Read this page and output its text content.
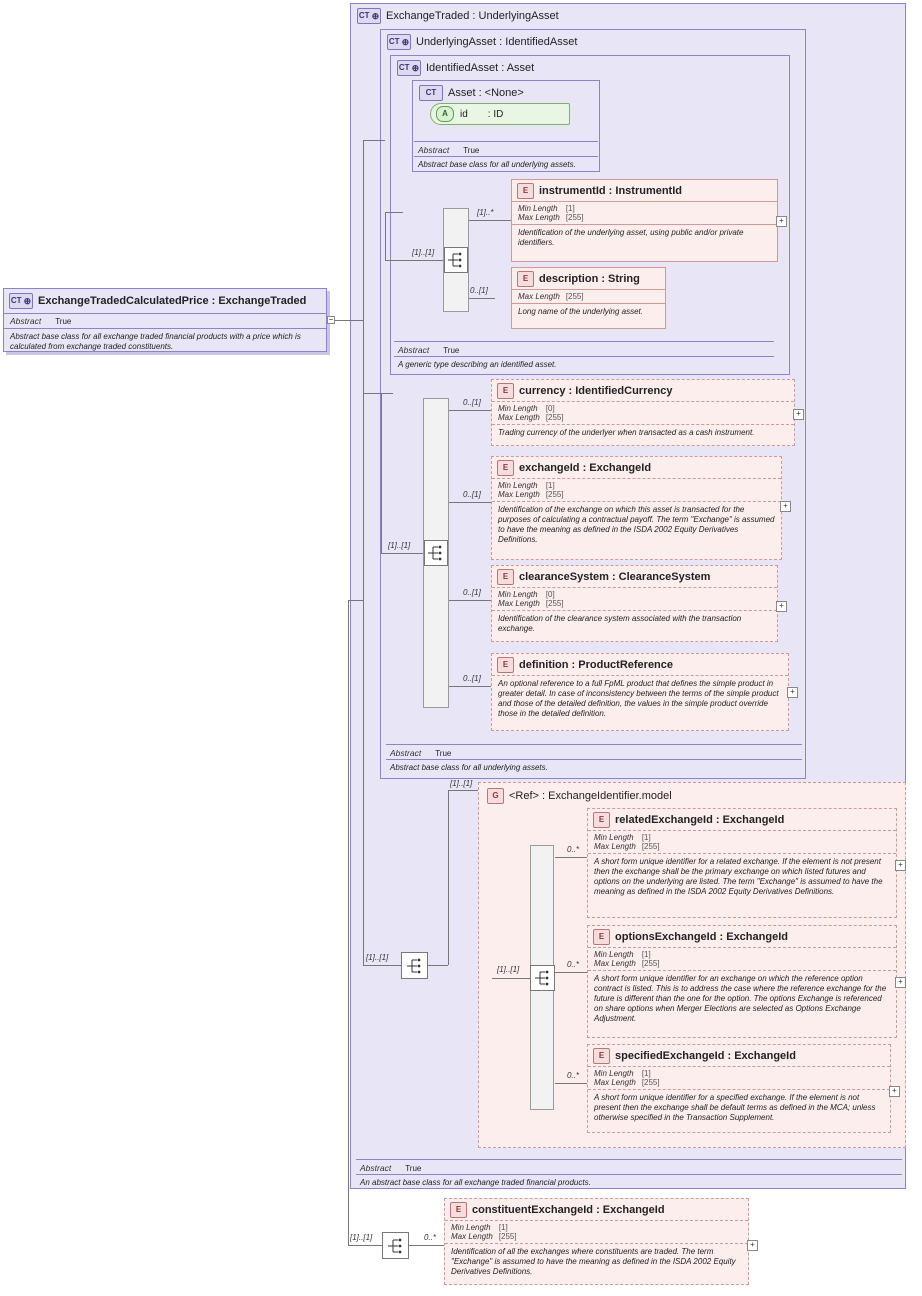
CT ⊕	ExchangeTraded : UnderlyingAsset
Abstract True
An abstract base class for all exchange traded financial products.
CT ⊕	UnderlyingAsset : IdentifiedAsset
Abstract True
Abstract base class for all underlying assets.
CT ⊕	IdentifiedAsset : Asset
Abstract True
A generic type describing an identified asset.
CT	Asset : <None>
A	id : ID
Abstract True
Abstract base class for all underlying assets.
CT ⊕	ExchangeTradedCalculatedPrice : ExchangeTraded
Abstract True
Abstract base class for all exchange traded financial products with a price which is calculated from exchange traded constituents.
–
[1]..[1]
[1]..*
0..[1]
E instrumentId : InstrumentId
Min Length	[1]
Max Length	[255]
Identification of the underlying asset, using public and/or private identifiers.
+
E description : String
Max Length	[255]
Long name of the underlying asset.
[1]..[1]
0..[1]
0..[1]
0..[1]
0..[1]
E currency : IdentifiedCurrency
Min Length	[0]
Max Length	[255]
Trading currency of the underlyer when transacted as a cash instrument.
+
E exchangeId : ExchangeId
Min Length	[1]
Max Length	[255]
Identification of the exchange on which this asset is transacted for the purposes of calculating a contractual payoff. The term "Exchange" is assumed to have the meaning as defined in the ISDA 2002 Equity Derivatives Definitions.
+
E clearanceSystem : ClearanceSystem
Min Length	[0]
Max Length	[255]
Identification of the clearance system associated with the transaction exchange.
+
E definition : ProductReference
An optional reference to a full FpML product that defines the simple product in greater detail. In case of inconsistency between the terms of the simple product and those of the detailed definition, the values in the simple product override those in the detailed definition.
+
[1]..[1]
[1]..[1]
G <Ref> : ExchangeIdentifier.model
[1]..[1]
0..*
0..*
0..*
E relatedExchangeId : ExchangeId
Min Length	[1]
Max Length	[255]
A short form unique identifier for a related exchange. If the element is not present then the exchange shall be the primary exchange on which listed futures and options on the underlying are listed. The term "Exchange" is assumed to have the meaning as defined in the ISDA 2002 Equity Derivatives Definitions.
+
E optionsExchangeId : ExchangeId
Min Length	[1]
Max Length	[255]
A short form unique identifier for an exchange on which the reference option contract is listed. This is to address the case where the reference exchange for the future is different than the one for the option. The options Exchange is referenced on share options when Merger Elections are selected as Options Exchange Adjustment.
+
E specifiedExchangeId : ExchangeId
Min Length	[1]
Max Length	[255]
A short form unique identifier for a specified exchange. If the element is not present then the exchange shall be default terms as defined in the MCA; unless otherwise specified in the Transaction Supplement.
+
[1]..[1]	0..*
E constituentExchangeId : ExchangeId
Min Length	[1]
Max Length	[255]
Identification of all the exchanges where constituents are traded. The term "Exchange" is assumed to have the meaning as defined in the ISDA 2002 Equity Derivatives Definitions.
+
